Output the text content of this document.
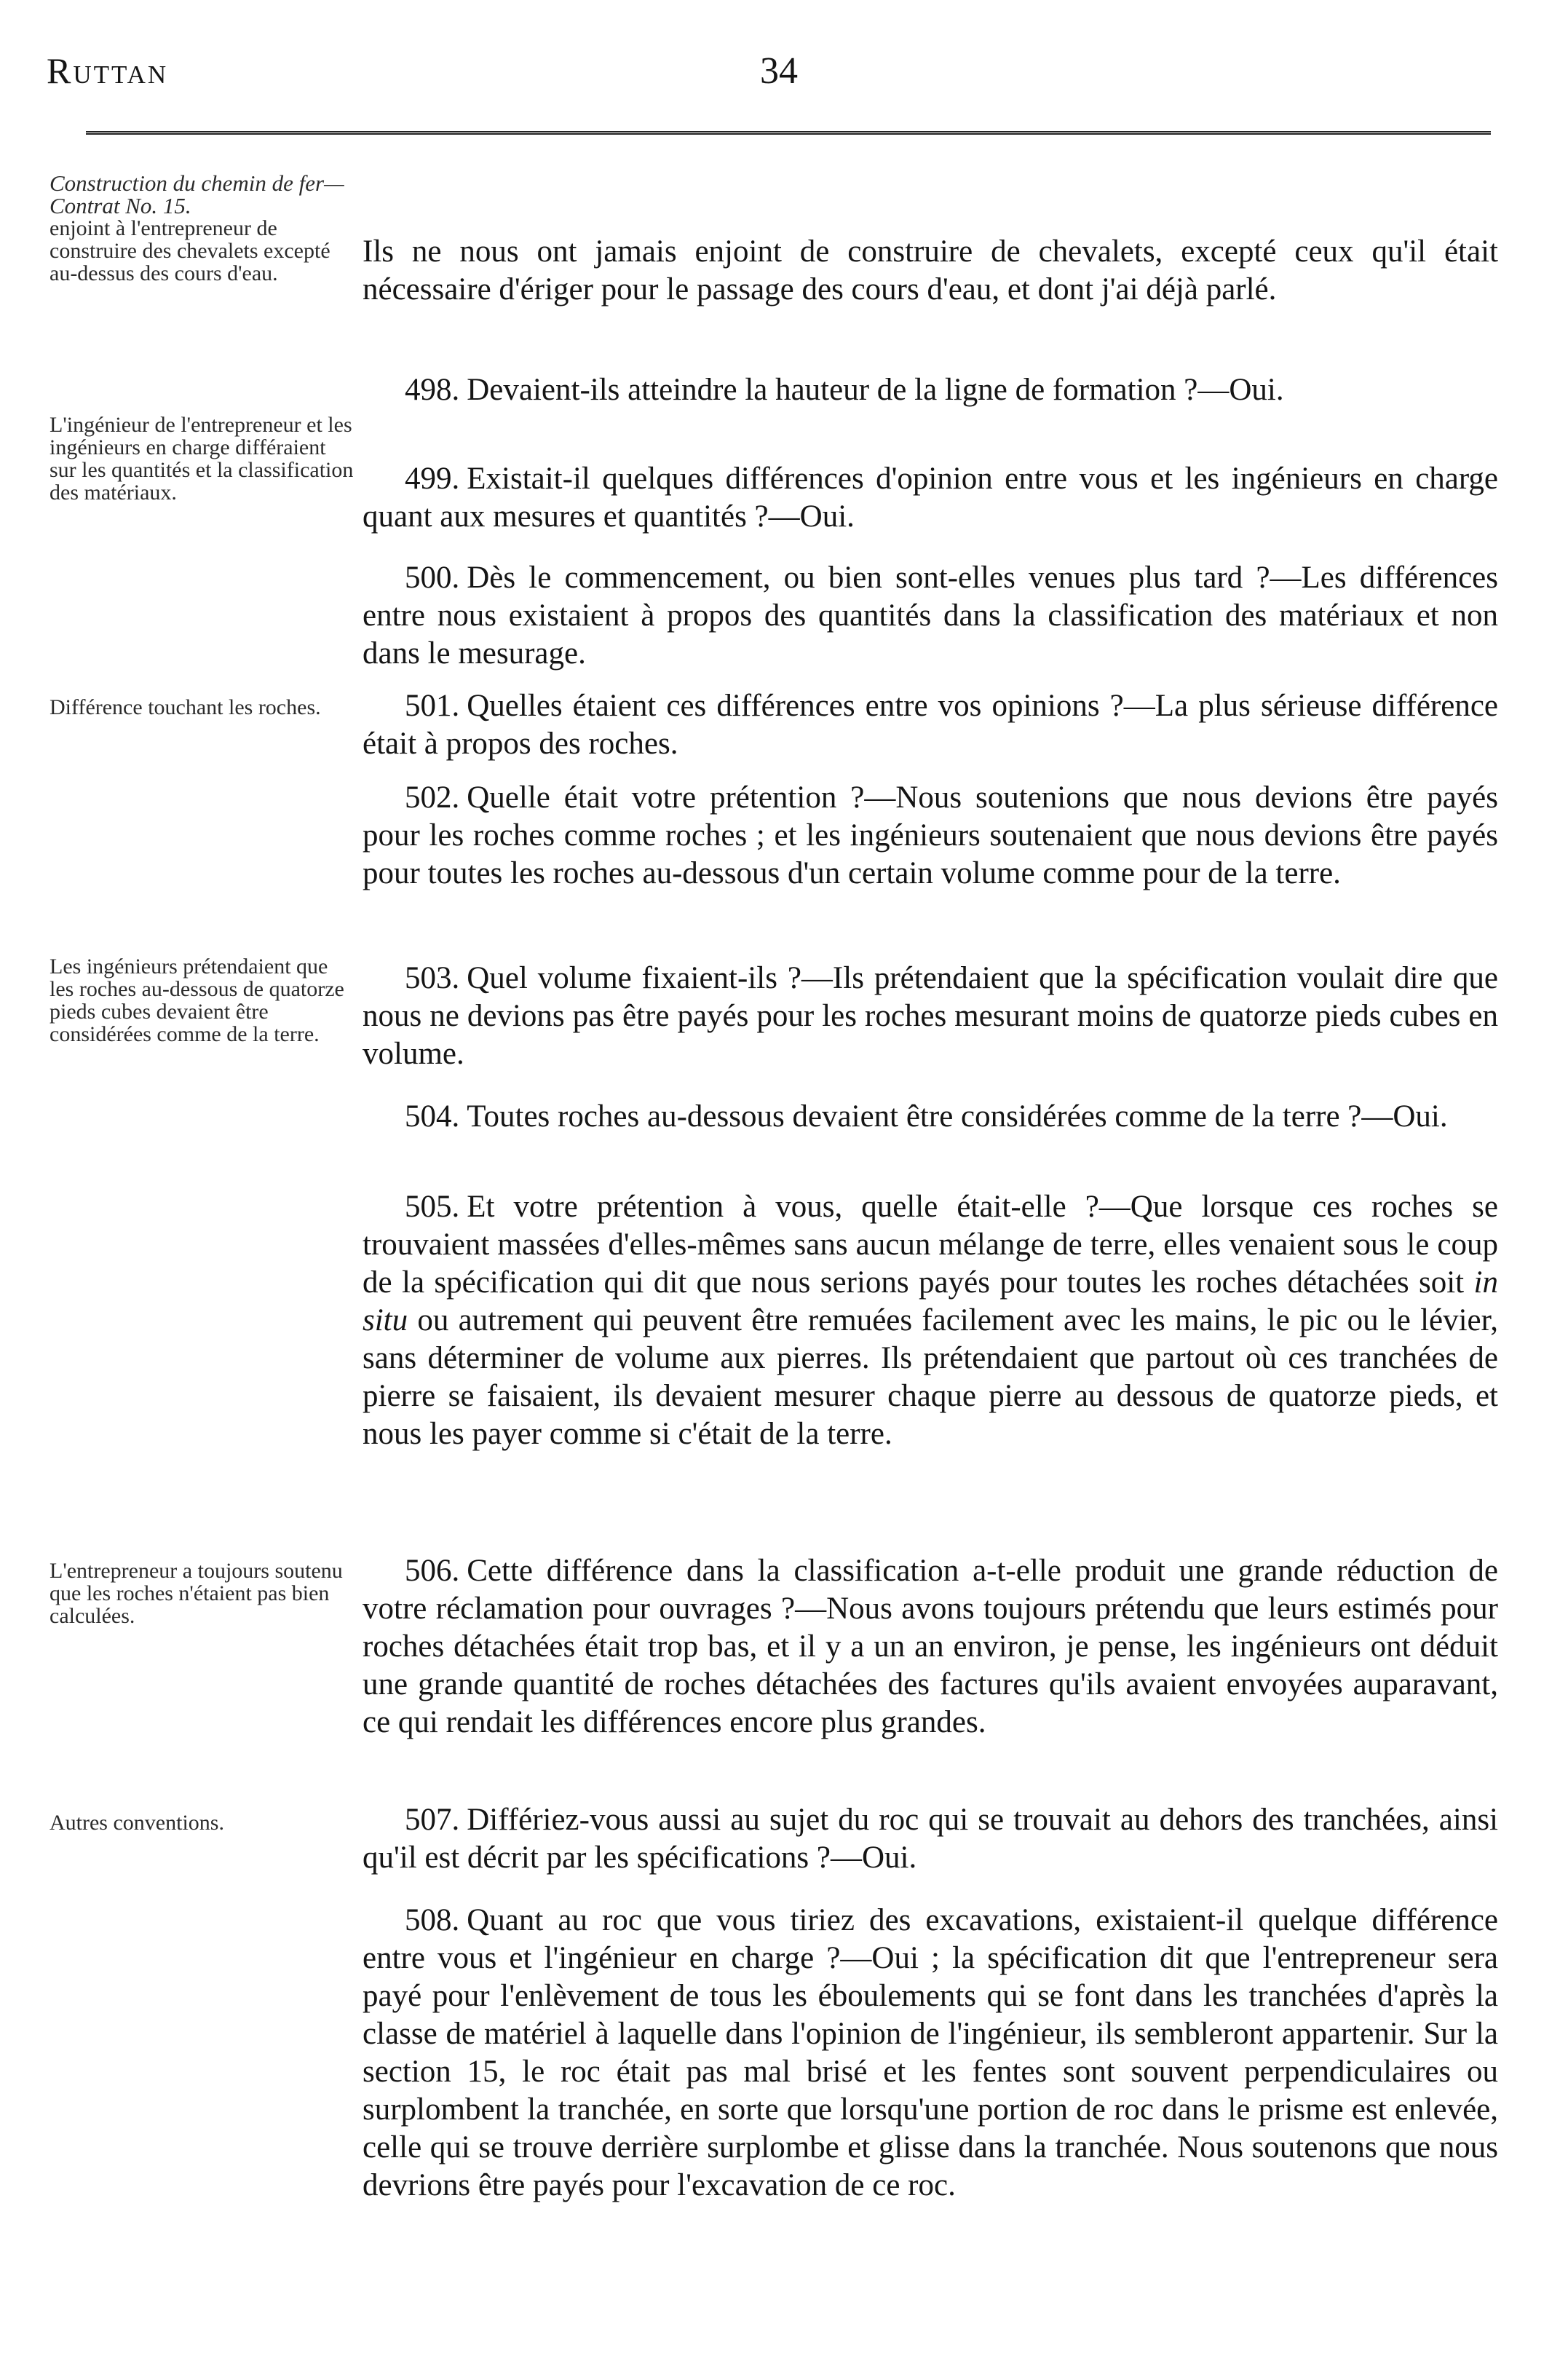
Ruttan	34
Construction du chemin de fer—Contrat No. 15.
enjoint à l'entrepreneur de construire des chevalets excepté au-dessus des cours d'eau.

Ils ne nous ont jamais enjoint de construire de chevalets, excepté ceux qu'il était nécessaire d'ériger pour le passage des cours d'eau, et dont j'ai déjà parlé.

498. Devaient-ils atteindre la hauteur de la ligne de formation ?—Oui.

L'ingénieur de l'entrepreneur et les ingénieurs en charge différaient sur les quantités et la classification des matériaux.	499. Existait-il quelques différences d'opinion entre vous et les ingénieurs en charge quant aux mesures et quantités ?—Oui.

500. Dès le commencement, ou bien sont-elles venues plus tard ?—Les différences entre nous existaient à propos des quantités dans la classification des matériaux et non dans le mesurage.

Différence touchant les roches.	501. Quelles étaient ces différences entre vos opinions ?—La plus sérieuse différence était à propos des roches.

502. Quelle était votre prétention ?—Nous soutenions que nous devions être payés pour les roches comme roches ; et les ingénieurs soutenaient que nous devions être payés pour toutes les roches au-dessous d'un certain volume comme pour de la terre.

Les ingénieurs prétendaient que les roches au-dessous de quatorze pieds cubes devaient être considérées comme de la terre.

503. Quel volume fixaient-ils ?—Ils prétendaient que la spécification voulait dire que nous ne devions pas être payés pour les roches mesurant moins de quatorze pieds cubes en volume.

504. Toutes roches au-dessous devaient être considérées comme de la terre ?—Oui.

505. Et votre prétention à vous, quelle était-elle ?—Que lorsque ces roches se trouvaient massées d'elles-mêmes sans aucun mélange de terre, elles venaient sous le coup de la spécification qui dit que nous serions payés pour toutes les roches détachées soit in situ ou autrement qui peuvent être remuées facilement avec les mains, le pic ou le lévier, sans déterminer de volume aux pierres. Ils prétendaient que partout où ces tranchées de pierre se faisaient, ils devaient mesurer chaque pierre au dessous de quatorze pieds, et nous les payer comme si c'était de la terre.

L'entrepreneur a toujours soutenu que les roches n'étaient pas bien calculées.

506. Cette différence dans la classification a-t-elle produit une grande réduction de votre réclamation pour ouvrages ?—Nous avons toujours prétendu que leurs estimés pour roches détachées était trop bas, et il y a un an environ, je pense, les ingénieurs ont déduit une grande quantité de roches détachées des factures qu'ils avaient envoyées auparavant, ce qui rendait les différences encore plus grandes.

Autres conventions.	507. Différiez-vous aussi au sujet du roc qui se trouvait au dehors des tranchées, ainsi qu'il est décrit par les spécifications ?—Oui.

508. Quant au roc que vous tiriez des excavations, existaient-il quelque différence entre vous et l'ingénieur en charge ?—Oui ; la spécification dit que l'entrepreneur sera payé pour l'enlèvement de tous les éboulements qui se font dans les tranchées d'après la classe de matériel à laquelle dans l'opinion de l'ingénieur, ils sembleront appartenir. Sur la section 15, le roc était pas mal brisé et les fentes sont souvent perpendiculaires ou surplombent la tranchée, en sorte que lorsqu'une portion de roc dans le prisme est enlevée, celle qui se trouve derrière surplombe et glisse dans la tranchée. Nous soutenons que nous devrions être payés pour l'excavation de ce roc.
